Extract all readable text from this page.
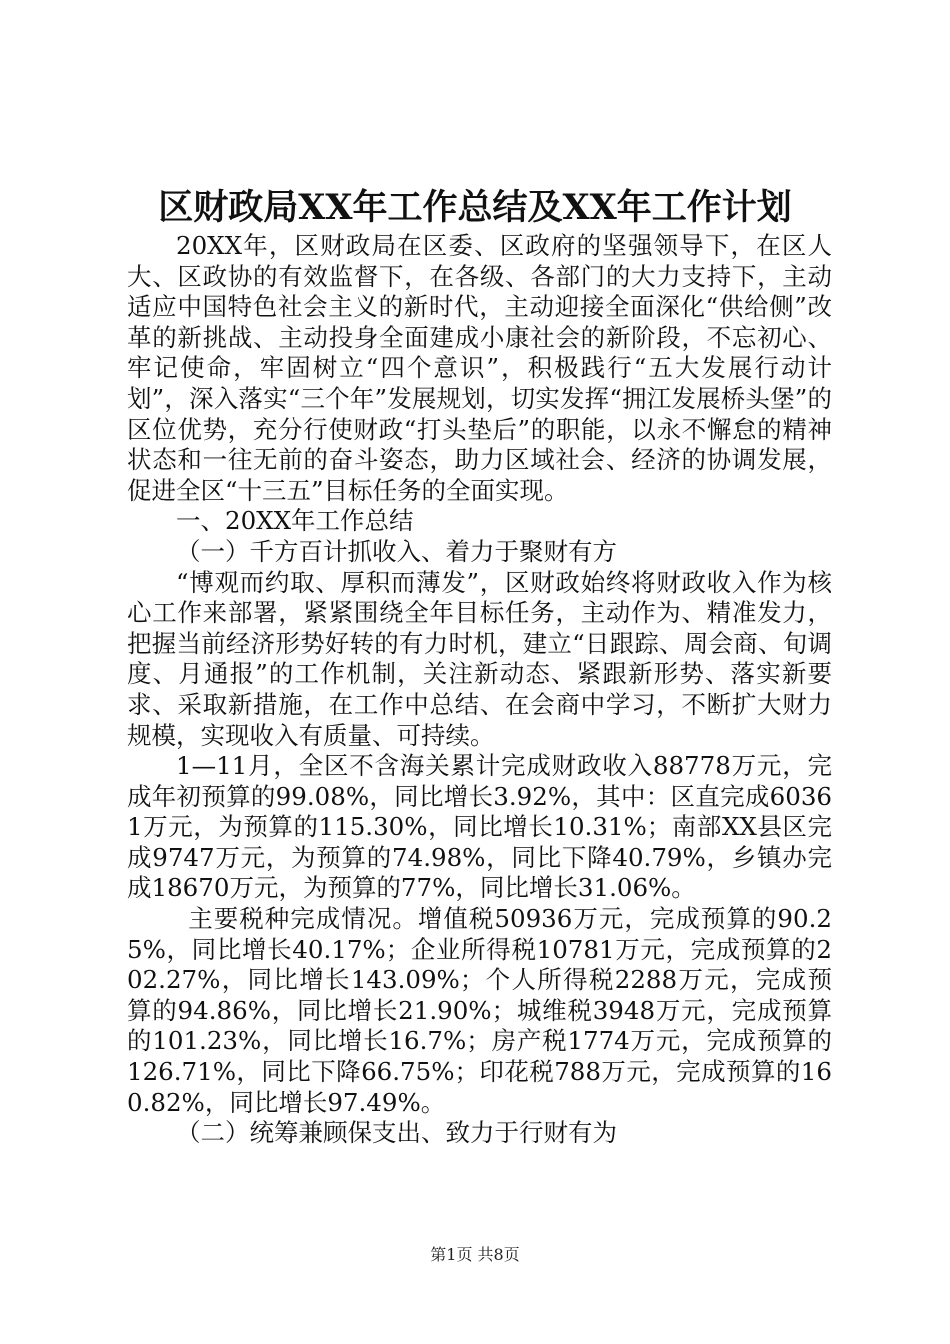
区财政局XX年工作总结及XX年工作计划

20XX年，区财政局在区委、区政府的坚强领导下，在区人大、区政协的有效监督下，在各级、各部门的大力支持下，主动适应中国特色社会主义的新时代，主动迎接全面深化“供给侧”改革的新挑战、主动投身全面建成小康社会的新阶段，不忘初心、牢记使命，牢固树立“四个意识”，积极践行“五大发展行动计划”，深入落实“三个年”发展规划，切实发挥“拥江发展桥头堡”的区位优势，充分行使财政“打头垫后”的职能，以永不懈怠的精神状态和一往无前的奋斗姿态，助力区域社会、经济的协调发展，促进全区“十三五”目标任务的全面实现。

一、20XX年工作总结

（一）千方百计抓收入、着力于聚财有方

“博观而约取、厚积而薄发”，区财政始终将财政收入作为核心工作来部署，紧紧围绕全年目标任务，主动作为、精准发力，把握当前经济形势好转的有力时机，建立“日跟踪、周会商、旬调度、月通报”的工作机制，关注新动态、紧跟新形势、落实新要求、采取新措施，在工作中总结、在会商中学习，不断扩大财力规模，实现收入有质量、可持续。

1—11月，全区不含海关累计完成财政收入88778万元，完成年初预算的99.08%，同比增长3.92%，其中：区直完成60361万元，为预算的115.30%，同比增长10.31%；南部XX县区完成9747万元，为预算的74.98%，同比下降40.79%，乡镇办完成18670万元，为预算的77%，同比增长31.06%。

主要税种完成情况。增值税50936万元，完成预算的90.25%，同比增长40.17%；企业所得税10781万元，完成预算的202.27%，同比增长143.09%；个人所得税2288万元，完成预算的94.86%，同比增长21.90%；城维税3948万元，完成预算的101.23%，同比增长16.7%；房产税1774万元，完成预算的126.71%，同比下降66.75%；印花税788万元，完成预算的160.82%，同比增长97.49%。

（二）统筹兼顾保支出、致力于行财有为

第1页 共8页
